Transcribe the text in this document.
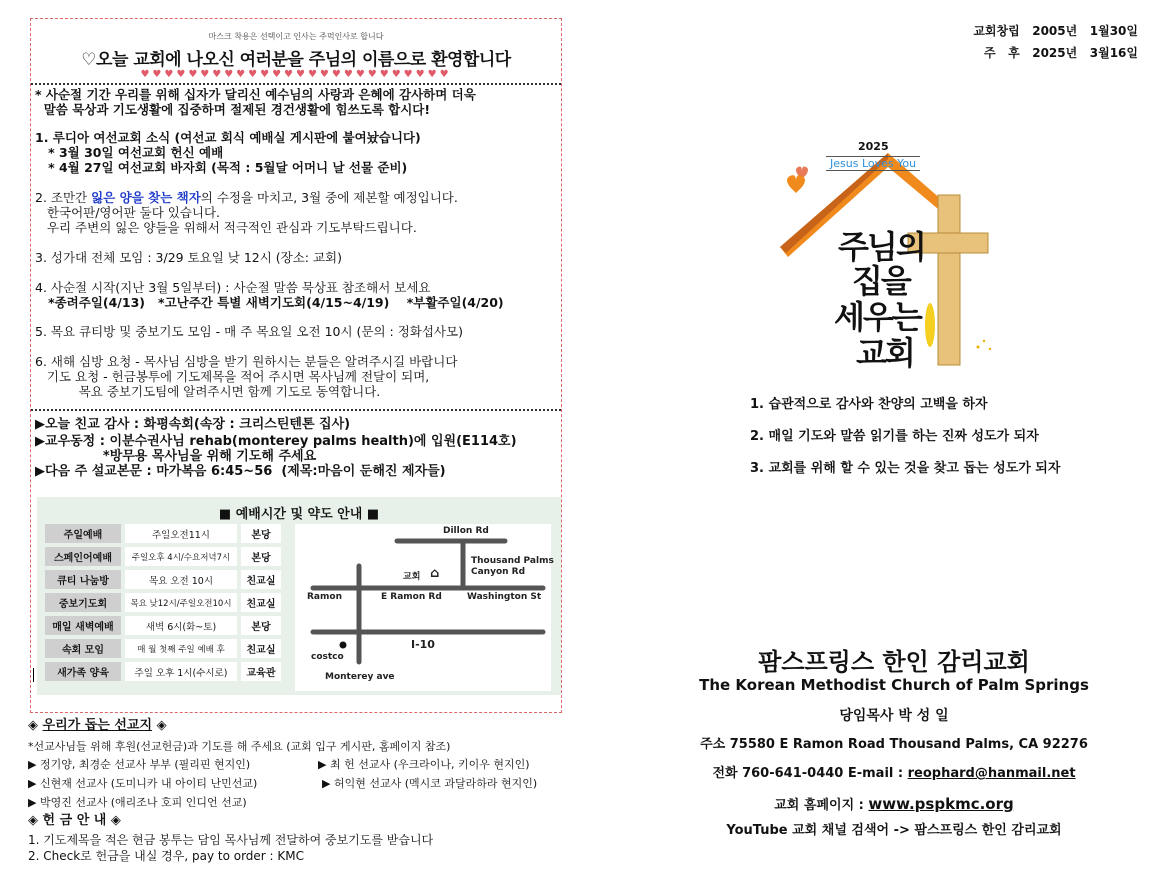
마스크 착용은 선택이고 인사는 주먹인사로 합니다
♡오늘 교회에 나오신 여러분을 주님의 이름으로 환영합니다
♥♥♥♥♥♥♥♥♥♥♥♥♥♥♥♥♥♥♥♥♥♥♥♥♥♥
* 사순절 기간 우리를 위해 십자가 달리신 예수님의 사랑과 은혜에 감사하며 더욱
말씀 묵상과 기도생활에 집중하며 절제된 경건생활에 힘쓰도록 합시다!
1. 루디아 여선교회 소식 (여선교 회식 예배실 게시판에 붙여놨습니다)
* 3월 30일 여선교회 헌신 예배
* 4월 27일 여선교회 바자회 (목적 : 5월달 어머니 날 선물 준비)
2. 조만간 잃은 양을 찾는 책자의 수정을 마치고, 3월 중에 제본할 예정입니다.
한국어판/영어판 둘다 있습니다.
우리 주변의 잃은 양들을 위해서 적극적인 관심과 기도부탁드립니다.
3. 성가대 전체 모임 : 3/29 토요일 낮 12시 (장소: 교회)
4. 사순절 시작(지난 3월 5일부터) : 사순절 말씀 묵상표 참조해서 보세요
*종려주일(4/13)   *고난주간 특별 새벽기도회(4/15~4/19)    *부활주일(4/20)
5. 목요 큐티방 및 중보기도 모임 - 매 주 목요일 오전 10시 (문의 : 정화섭사모)
6. 새해 심방 요청 - 목사님 심방을 받기 원하시는 분들은 알려주시길 바랍니다
기도 요청 - 헌금봉투에 기도제목을 적어 주시면 목사님께 전달이 되며,
목요 중보기도팀에 알려주시면 함께 기도로 동역합니다.
▶오늘 친교 감사 : 화평속회(속장 : 크리스틴텐톤 집사)
▶교우동정 : 이분수권사님 rehab(monterey palms health)에 입원(E114호)
*방무용 목사님을 위해 기도해 주세요
▶다음 주 설교본문 : 마가복음 6:45~56  (제목:마음이 둔해진 제자들)
■ 예배시간 및 약도 안내 ■
주일예배	주일오전11시	본당
스페인어예배	주일오후 4시/수요저녁7시	본당
큐티 나눔방	목요 오전 10시	친교실
중보기도회	목요 낮12시/주일오전10시	친교실
매일 새벽예배	새벽 6시(화~토)	본당
속회 모임	매 월 첫째 주일 예배 후	친교실
새가족 양육	주일 오후 1시(수시로)	교육관
Dillon Rd
Thousand Palms
Canyon Rd
교회 ⌂
Ramon	E Ramon Rd	Washington St
I-10
costco
Monterey ave
◈ 우리가 돕는 선교지 ◈
*선교사님들 위해 후원(선교헌금)과 기도를 해 주세요 (교회 입구 게시판, 홈페이지 참조)
▶ 정기양, 최경순 선교사 부부 (필리핀 현지인)	▶ 최 헌 선교사 (우크라이나, 키이우 현지인)
▶ 신현재 선교사 (도미니카 내 아이티 난민선교)	▶ 허익현 선교사 (멕시코 과달라하라 현지인)
▶ 박영진 선교사 (애리조나 호피 인디언 선교)
◈ 헌 금 안 내 ◈
1. 기도제목을 적은 현금 봉투는 담임 목사님께 전달하여 중보기도를 받습니다
2. Check로 헌금을 내실 경우, pay to order : KMC
교회창립   2005년   1월30일
주   후   2025년   3월16일
2025
Jesus Loves You
주님의
집을
세우는
교회
1. 습관적으로 감사와 찬양의 고백을 하자
2. 매일 기도와 말씀 읽기를 하는 진짜 성도가 되자
3. 교회를 위해 할 수 있는 것을 찾고 돕는 성도가 되자
팜스프링스 한인 감리교회
The Korean Methodist Church of Palm Springs
당임목사 박 성 일
주소 75580 E Ramon Road Thousand Palms, CA 92276
전화 760-641-0440 E-mail : reophard@hanmail.net
교회 홈페이지 : www.pspkmc.org
YouTube 교회 채널 검색어 -> 팜스프링스 한인 감리교회
